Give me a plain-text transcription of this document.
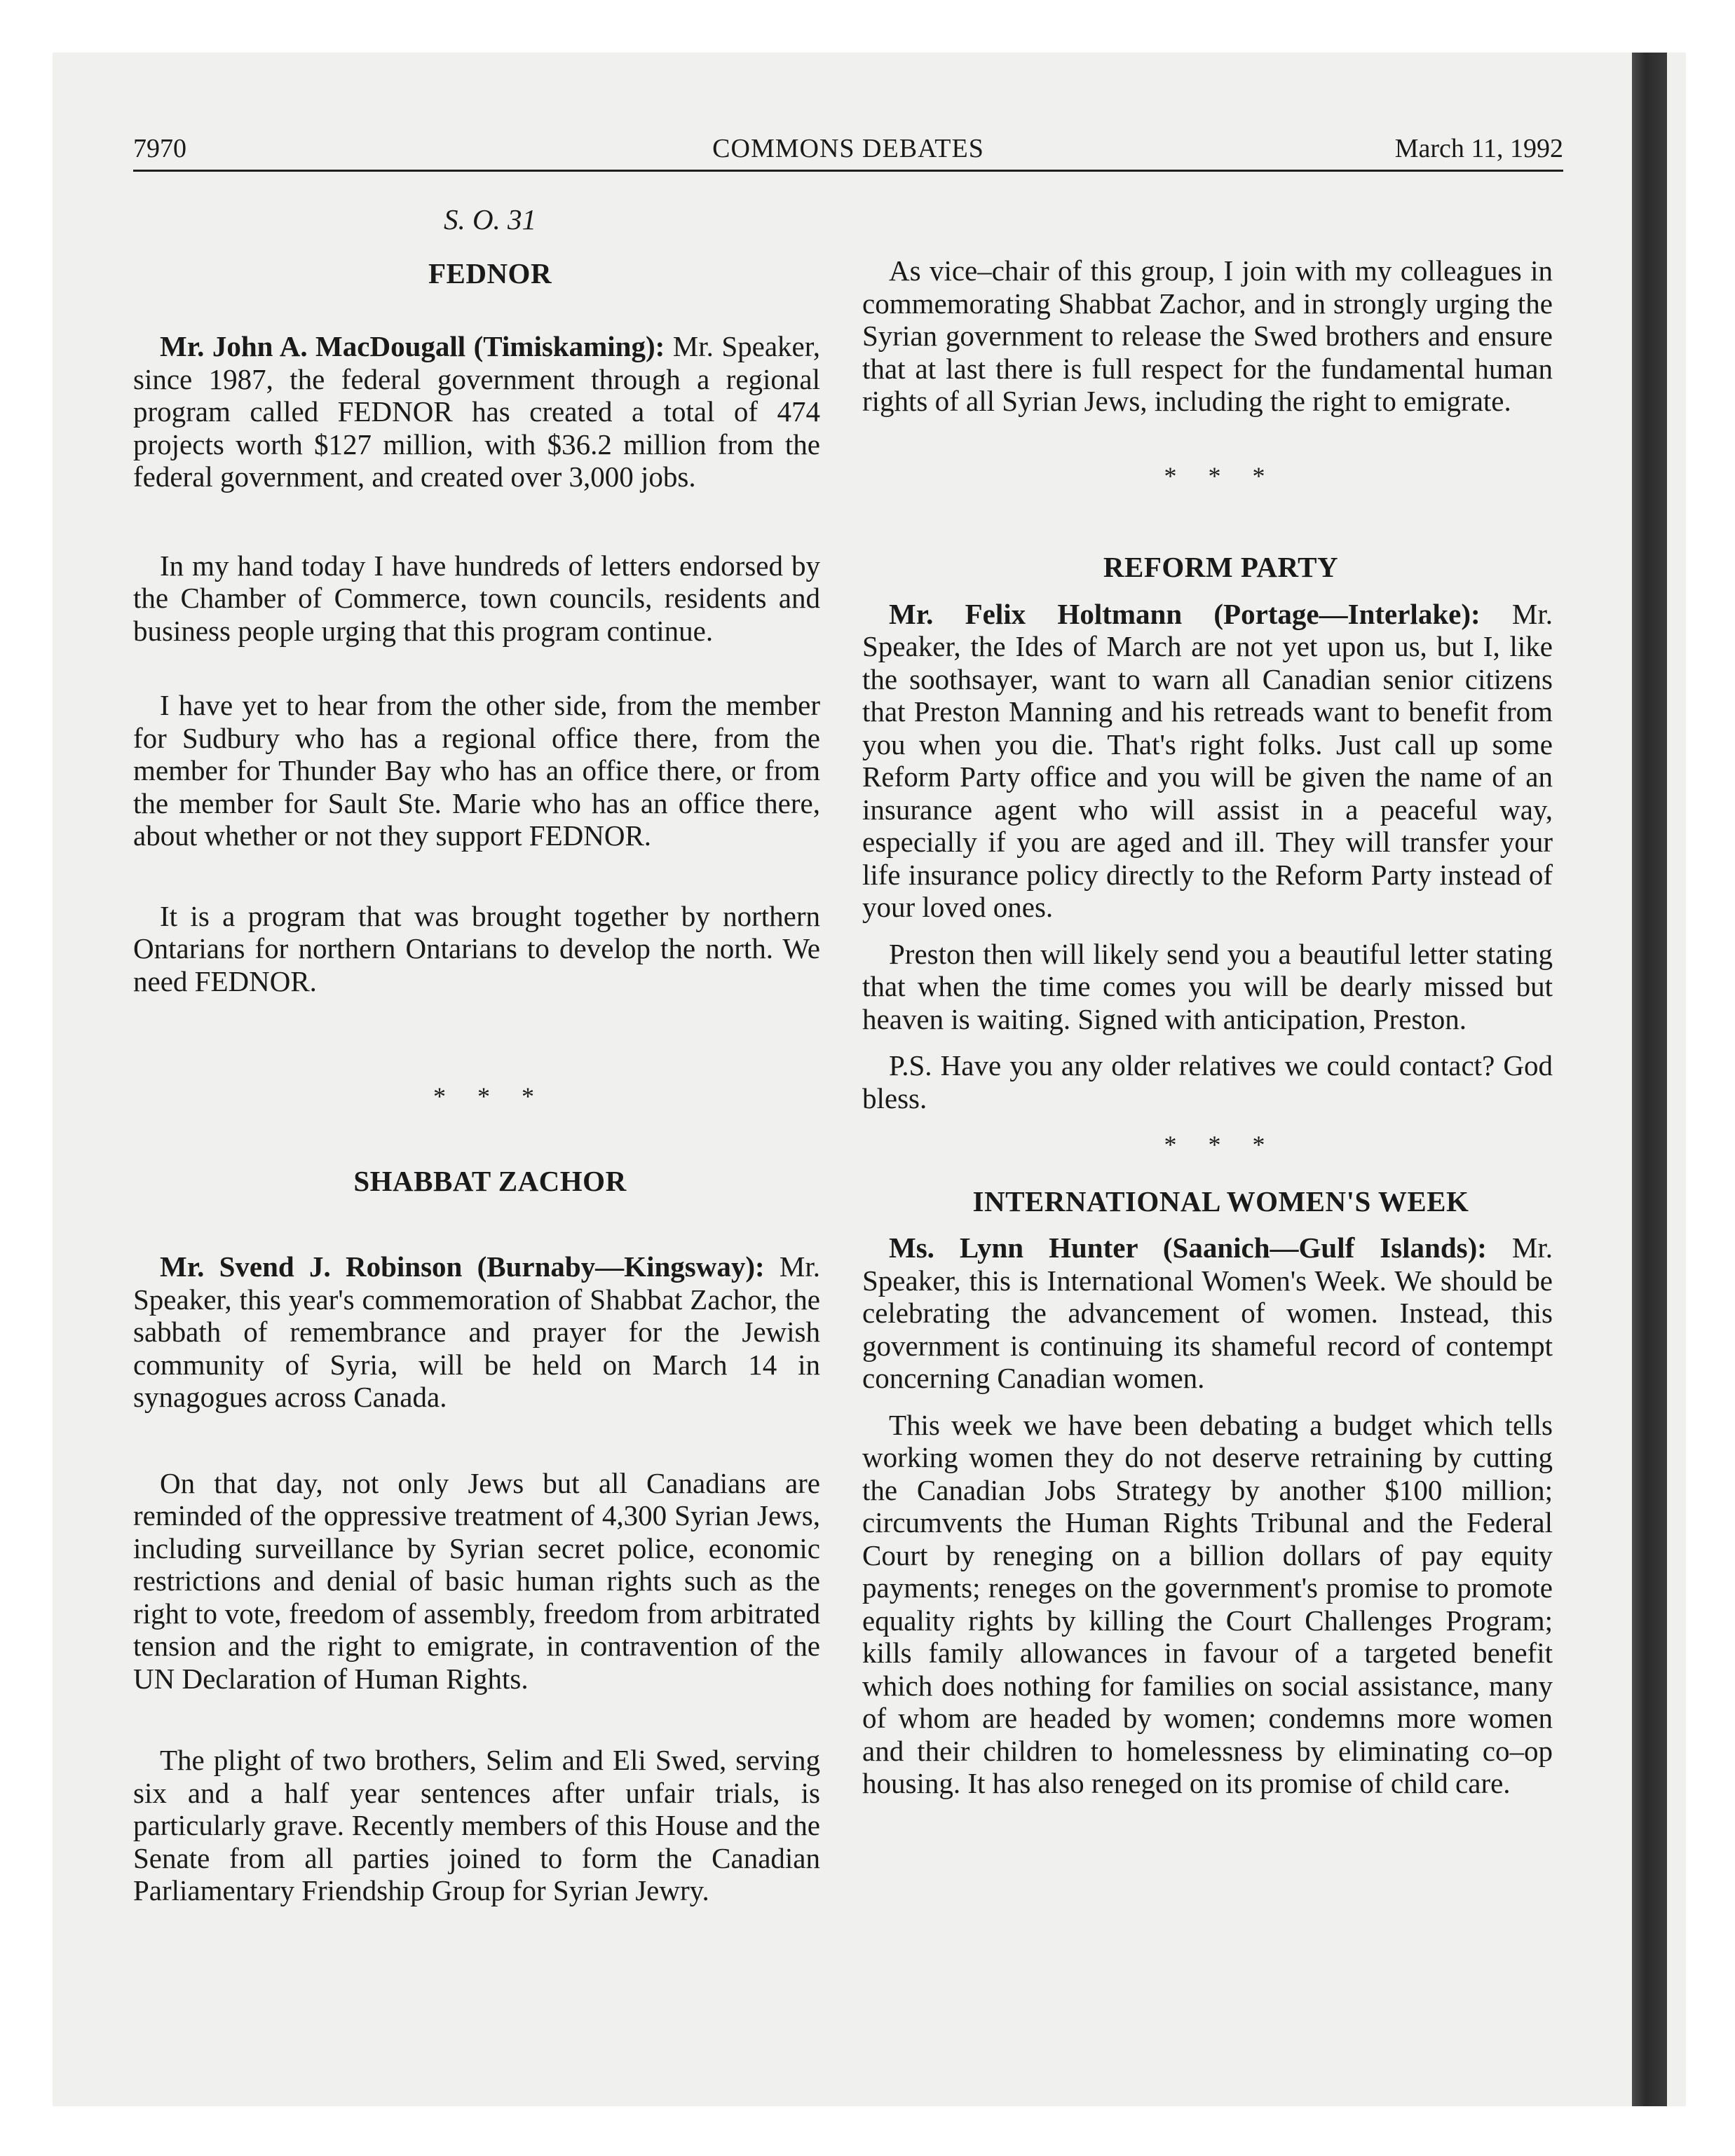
7970	COMMONS DEBATES	March 11, 1992

S. O. 31

FEDNOR

Mr. John A. MacDougall (Timiskaming): Mr. Speaker, since 1987, the federal government through a regional program called FEDNOR has created a total of 474 projects worth $127 million, with $36.2 million from the federal government, and created over 3,000 jobs.

In my hand today I have hundreds of letters endorsed by the Chamber of Commerce, town councils, residents and business people urging that this program continue.

I have yet to hear from the other side, from the member for Sudbury who has a regional office there, from the member for Thunder Bay who has an office there, or from the member for Sault Ste. Marie who has an office there, about whether or not they support FEDNOR.

It is a program that was brought together by northern Ontarians for northern Ontarians to develop the north. We need FEDNOR.

* * *

SHABBAT ZACHOR

Mr. Svend J. Robinson (Burnaby—Kingsway): Mr. Speaker, this year's commemoration of Shabbat Zachor, the sabbath of remembrance and prayer for the Jewish community of Syria, will be held on March 14 in synagogues across Canada.

On that day, not only Jews but all Canadians are reminded of the oppressive treatment of 4,300 Syrian Jews, including surveillance by Syrian secret police, economic restrictions and denial of basic human rights such as the right to vote, freedom of assembly, freedom from arbitrated tension and the right to emigrate, in contravention of the UN Declaration of Human Rights.

The plight of two brothers, Selim and Eli Swed, serving six and a half year sentences after unfair trials, is particularly grave. Recently members of this House and the Senate from all parties joined to form the Canadian Parliamentary Friendship Group for Syrian Jewry.

As vice–chair of this group, I join with my colleagues in commemorating Shabbat Zachor, and in strongly urging the Syrian government to release the Swed brothers and ensure that at last there is full respect for the fundamental human rights of all Syrian Jews, including the right to emigrate.

* * *

REFORM PARTY

Mr. Felix Holtmann (Portage—Interlake): Mr. Speaker, the Ides of March are not yet upon us, but I, like the soothsayer, want to warn all Canadian senior citizens that Preston Manning and his retreads want to benefit from you when you die. That's right folks. Just call up some Reform Party office and you will be given the name of an insurance agent who will assist in a peaceful way, especially if you are aged and ill. They will transfer your life insurance policy directly to the Reform Party instead of your loved ones.

Preston then will likely send you a beautiful letter stating that when the time comes you will be dearly missed but heaven is waiting. Signed with anticipation, Preston.

P.S. Have you any older relatives we could contact? God bless.

* * *

INTERNATIONAL WOMEN'S WEEK

Ms. Lynn Hunter (Saanich—Gulf Islands): Mr. Speaker, this is International Women's Week. We should be celebrating the advancement of women. Instead, this government is continuing its shameful record of contempt concerning Canadian women.

This week we have been debating a budget which tells working women they do not deserve retraining by cutting the Canadian Jobs Strategy by another $100 million; circumvents the Human Rights Tribunal and the Federal Court by reneging on a billion dollars of pay equity payments; reneges on the government's promise to promote equality rights by killing the Court Challenges Program; kills family allowances in favour of a targeted benefit which does nothing for families on social assistance, many of whom are headed by women; condemns more women and their children to homelessness by eliminating co–op housing. It has also reneged on its promise of child care.
